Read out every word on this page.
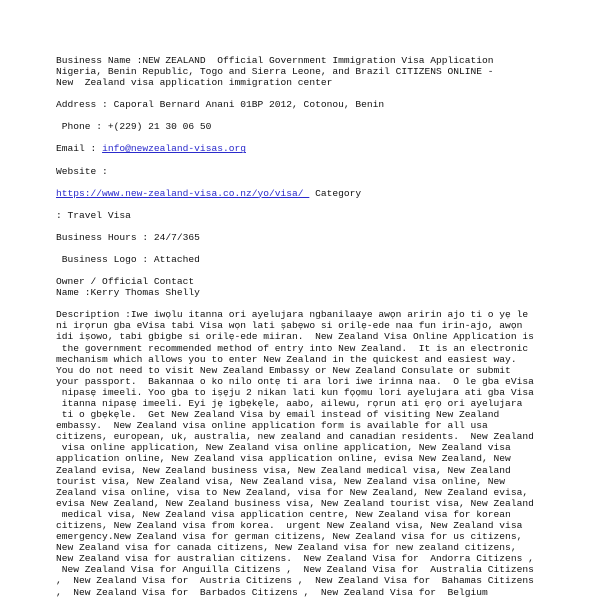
Business Name :NEW ZEALAND  Official Government Immigration Visa Application
Nigeria, Benin Republic, Togo and Sierra Leone, and Brazil CITIZENS ONLINE -
New  Zealand visa application immigration center
Address : Caporal Bernard Anani 01BP 2012, Cotonou, Benin
Phone : +(229) 21 30 06 50
Email : info@newzealand-visas.org
Website :
https://www.new-zealand-visa.co.nz/yo/visa/  Category
: Travel Visa
Business Hours : 24/7/365
Business Logo : Attached
Owner / Official Contact
Name :Kerry Thomas Shelly
Description :Iwe iwọlu itanna ori ayelujara ngbanilaaye awọn aririn ajo ti o yẹ le
ni irọrun gba eVisa tabi Visa wọn lati ṣabẹwo si orilẹ-ede naa fun irin-ajo, awọn
idi iṣowo, tabi gbigbe si orilẹ-ede miiran.  New Zealand Visa Online Application is
the government recommended method of entry into New Zealand.  It is an electronic
mechanism which allows you to enter New Zealand in the quickest and easiest way.
You do not need to visit New Zealand Embassy or New Zealand Consulate or submit
your passport.  Bakannaa o ko nilo ontẹ ti ara lori iwe irinna naa.  O le gba eVisa
nipasẹ imeeli. Yoo gba to iṣẹju 2 nikan lati kun fọọmu lori ayelujara ati gba Visa
itanna nipasẹ imeeli. Eyi jẹ igbẹkẹle, aabo, ailewu, rọrun ati ẹrọ ori ayelujara
ti o gbẹkẹle.  Get New Zealand Visa by email instead of visiting New Zealand
embassy.  New Zealand visa online application form is available for all usa
citizens, european, uk, australia, new zealand and canadian residents.  New Zealand
visa online application, New Zealand visa online application, New Zealand visa
application online, New Zealand visa application online, evisa New Zealand, New
Zealand evisa, New Zealand business visa, New Zealand medical visa, New Zealand
tourist visa, New Zealand visa, New Zealand visa, New Zealand visa online, New
Zealand visa online, visa to New Zealand, visa for New Zealand, New Zealand evisa,
evisa New Zealand, New Zealand business visa, New Zealand tourist visa, New Zealand
medical visa, New Zealand visa application centre, New Zealand visa for korean
citizens, New Zealand visa from korea.  urgent New Zealand visa, New Zealand visa
emergency.New Zealand visa for german citizens, New Zealand visa for us citizens,
New Zealand visa for canada citizens, New Zealand visa for new zealand citizens,
New Zealand visa for australian citizens.  New Zealand Visa for  Andorra Citizens ,
New Zealand Visa for Anguilla Citizens ,  New Zealand Visa for  Australia Citizens
,  New Zealand Visa for  Austria Citizens ,  New Zealand Visa for  Bahamas Citizens
,  New Zealand Visa for  Barbados Citizens ,  New Zealand Visa for  Belgium
